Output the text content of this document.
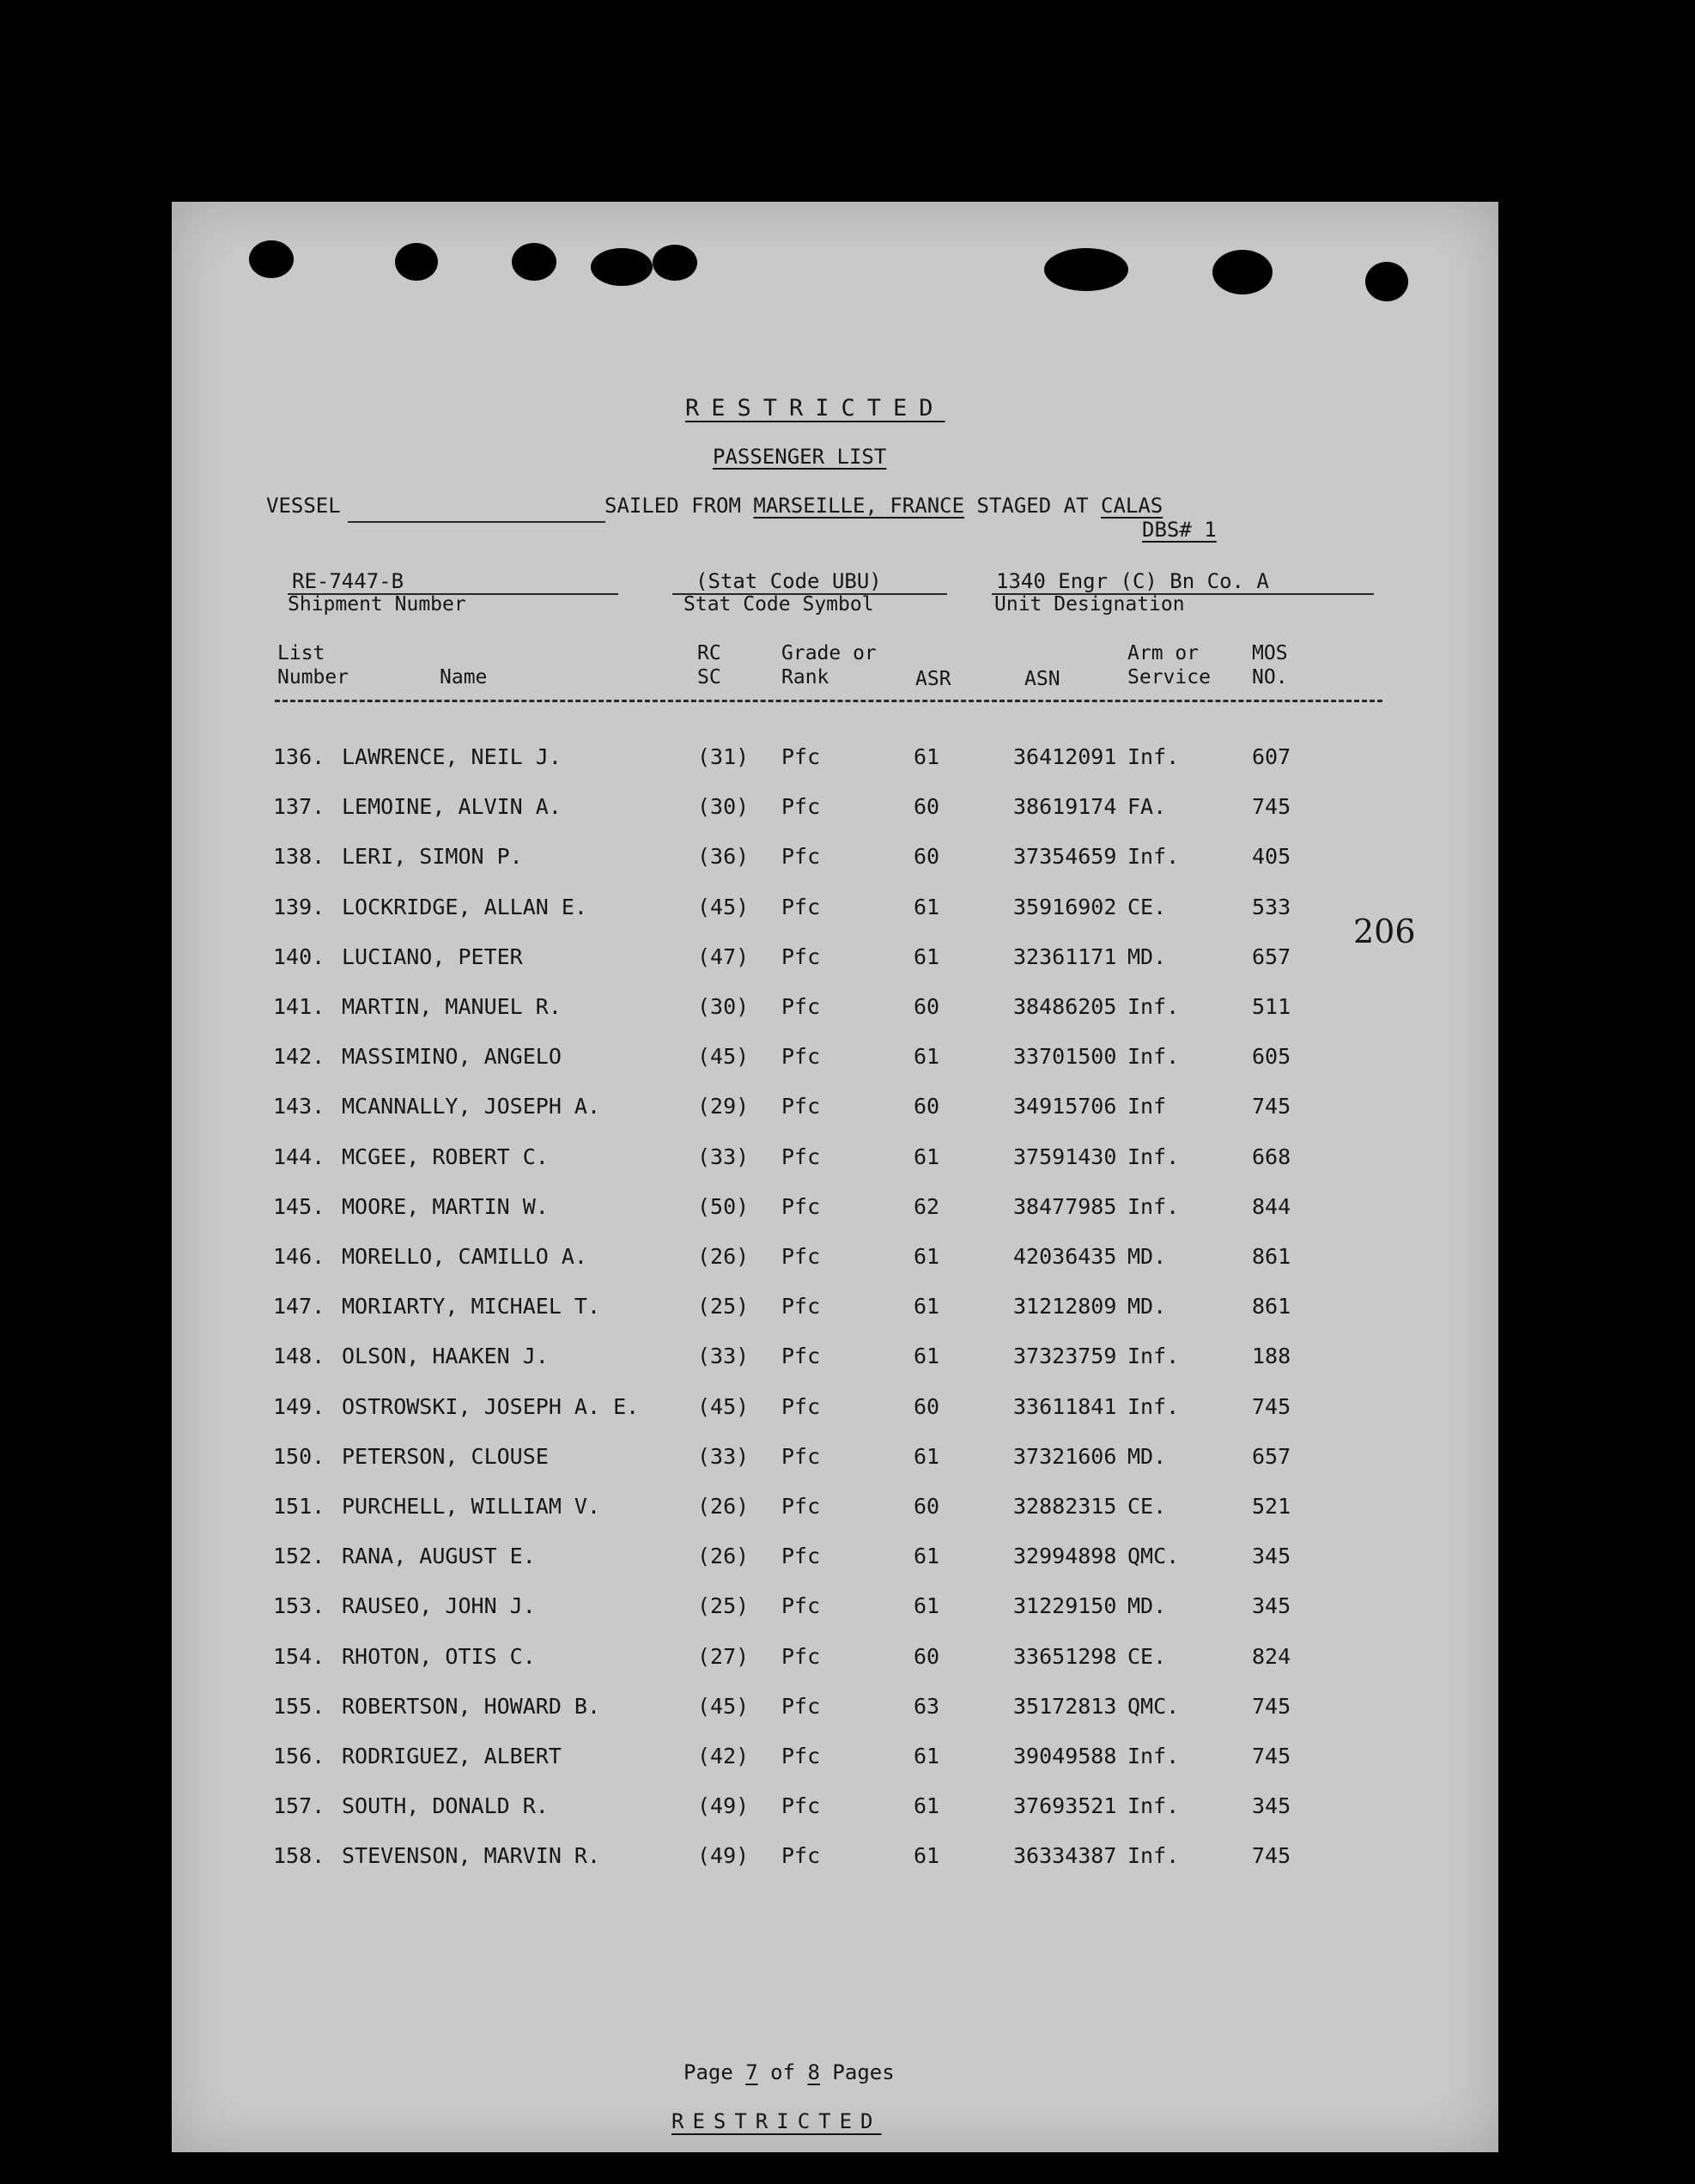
RESTRICTED
PASSENGER LIST
VESSEL	SAILED FROM MARSEILLE, FRANCE STAGED AT CALAS
DBS# 1
RE-7447-B
Shipment Number
(Stat Code UBU)
Stat Code Symbol
1340 Engr (C) Bn Co. A
Unit Designation
List
Number	Name
RC
SC
Grade or
Rank	ASR	ASN
Arm or
Service
MOS
NO.
136. LAWRENCE, NEIL J.	(31) Pfc	61	36412091 Inf.	607
137. LEMOINE, ALVIN A.	(30) Pfc	60	38619174 FA.	745
138. LERI, SIMON P.	(36) Pfc	60	37354659 Inf.	405
139. LOCKRIDGE, ALLAN E.	(45) Pfc	61	35916902 CE.	533
140. LUCIANO, PETER	(47) Pfc	61	32361171 MD.	657
141. MARTIN, MANUEL R.	(30) Pfc	60	38486205 Inf.	511
142. MASSIMINO, ANGELO	(45) Pfc	61	33701500 Inf.	605
143. MCANNALLY, JOSEPH A.	(29) Pfc	60	34915706 Inf	745
144. MCGEE, ROBERT C.	(33) Pfc	61	37591430 Inf.	668
145. MOORE, MARTIN W.	(50) Pfc	62	38477985 Inf.	844
146. MORELLO, CAMILLO A.	(26) Pfc	61	42036435 MD.	861
147. MORIARTY, MICHAEL T.	(25) Pfc	61	31212809 MD.	861
148. OLSON, HAAKEN J.	(33) Pfc	61	37323759 Inf.	188
149. OSTROWSKI, JOSEPH A. E.	(45) Pfc	60	33611841 Inf.	745
150. PETERSON, CLOUSE	(33) Pfc	61	37321606 MD.	657
151. PURCHELL, WILLIAM V.	(26) Pfc	60	32882315 CE.	521
152. RANA, AUGUST E.	(26) Pfc	61	32994898 QMC.	345
153. RAUSEO, JOHN J.	(25) Pfc	61	31229150 MD.	345
154. RHOTON, OTIS C.	(27) Pfc	60	33651298 CE.	824
155. ROBERTSON, HOWARD B.	(45) Pfc	63	35172813 QMC.	745
156. RODRIGUEZ, ALBERT	(42) Pfc	61	39049588 Inf.	745
157. SOUTH, DONALD R.	(49) Pfc	61	37693521 Inf.	345
158. STEVENSON, MARVIN R.	(49) Pfc	61	36334387 Inf.	745
206
Page 7 of 8 Pages
RESTRICTED
